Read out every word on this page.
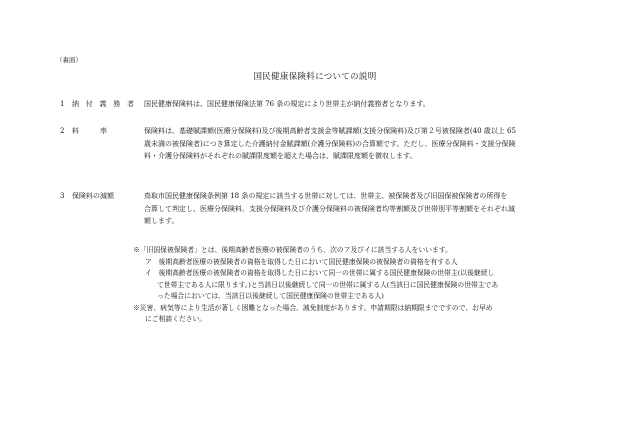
（裏面）
国民健康保険料についての説明
1	納付義務者 国民健康保険料は、国民健康保険法第 76 条の規定により世帯主が納付義務者となります。

2	料　　　率	保険料は、基礎賦課額(医療分保険料)及び後期高齢者支援金等賦課額(支援分保険料)及び第２号被保険者(40 歳以上 65

歳未満の被保険者)につき算定した介護納付金賦課額(介護分保険料)の合算額です。ただし、医療分保険料・支援分保険

料・介護分保険料がそれぞれの賦課限度額を超えた場合は、賦課限度額を徴収します。

3	保険料の減額	鳥取市国民健康保険条例第 18 条の規定に該当する世帯に対しては、世帯主、被保険者及び旧国保被保険者の所得を

合算して判定し、医療分保険料、支援分保険料及び介護分保険料の被保険者均等割額及び世帯別平等割額をそれぞれ減

額します。

※「旧国保被保険者」とは、後期高齢者医療の被保険者のうち、次のア及びイに該当する人をいいます。

ア　後期高齢者医療の被保険者の資格を取得した日において国民健康保険の被保険者の資格を有する人

イ　後期高齢者医療の被保険者の資格を取得した日において同一の世帯に属する国民健康保険の世帯主(以後継続し

て世帯主である人に限ります。)と当該日以後継続して同一の世帯に属する人(当該日に国民健康保険の世帯主であ

った場合においては、当該日以後継続して国民健康保険の世帯主である人)

※災害、病気等により生活が著しく困難となった場合、減免制度があります。申請期限は納期限までですので、お早め

にご相談ください。
